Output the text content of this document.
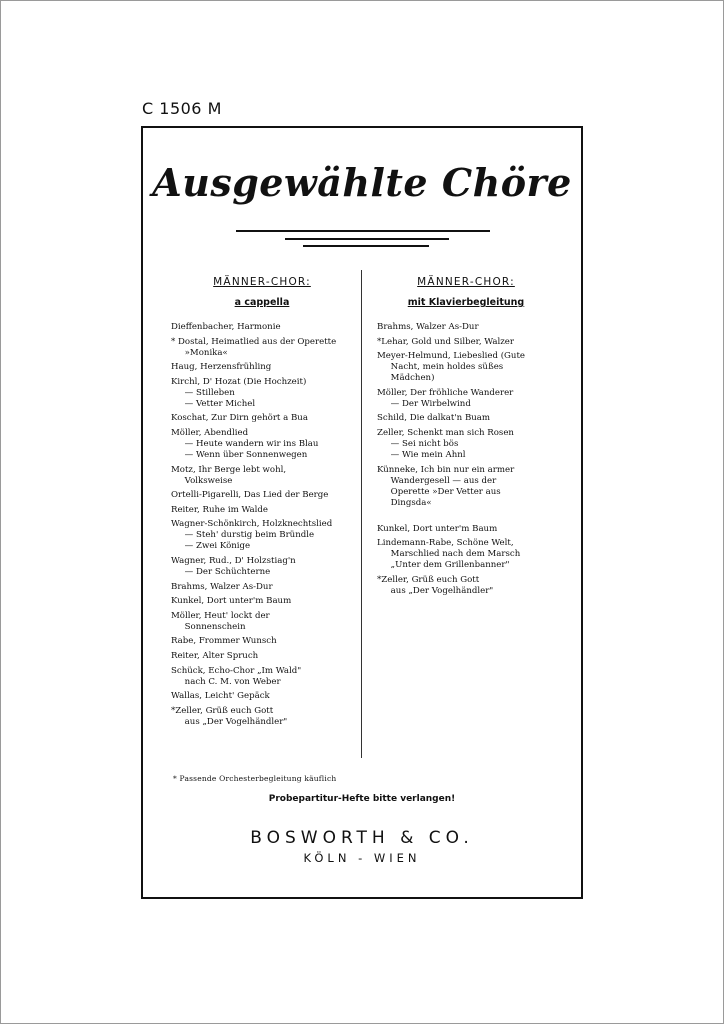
C 1506 M
Ausgewählte Chöre
MÄNNER-CHOR:
a cappella
Dieffenbacher, Harmonie
* Dostal, Heimatlied aus der Operette
»Monika«
Haug, Herzensfrühling
Kirchl, D' Hozat (Die Hochzeit)
— Stilleben
— Vetter Michel
Koschat, Zur Dirn gehört a Bua
Möller, Abendlied
— Heute wandern wir ins Blau
— Wenn über Sonnenwegen
Motz, Ihr Berge lebt wohl,
Volksweise
Ortelli-Pigarelli, Das Lied der Berge
Reiter, Ruhe im Walde
Wagner-Schönkirch, Holzknechtslied
— Steh' durstig beim Bründle
— Zwei Könige
Wagner, Rud., D' Holzstiag'n
— Der Schüchterne
Brahms, Walzer As-Dur
Kunkel, Dort unter'm Baum
Möller, Heut' lockt der
Sonnenschein
Rabe, Frommer Wunsch
Reiter, Alter Spruch
Schück, Echo-Chor „Im Wald"
nach C. M. von Weber
Wallas, Leicht' Gepäck
*Zeller, Grüß euch Gott
aus „Der Vogelhändler"
MÄNNER-CHOR:
mit Klavierbegleitung
Brahms, Walzer As-Dur
*Lehar, Gold und Silber, Walzer
Meyer-Helmund, Liebeslied (Gute
Nacht, mein holdes süßes
Mädchen)
Möller, Der fröhliche Wanderer
— Der Wirbelwind
Schild, Die dalkat'n Buam
Zeller, Schenkt man sich Rosen
— Sei nicht bös
— Wie mein Ahnl
Künneke, Ich bin nur ein armer
Wandergesell — aus der
Operette »Der Vetter aus
Dingsda«
Kunkel, Dort unter'm Baum
Lindemann-Rabe, Schöne Welt,
Marschlied nach dem Marsch
„Unter dem Grillenbanner"
*Zeller, Grüß euch Gott
aus „Der Vogelhändler"
* Passende Orchesterbegleitung käuflich
Probepartitur-Hefte bitte verlangen!
BOSWORTH & CO.
KÖLN - WIEN
